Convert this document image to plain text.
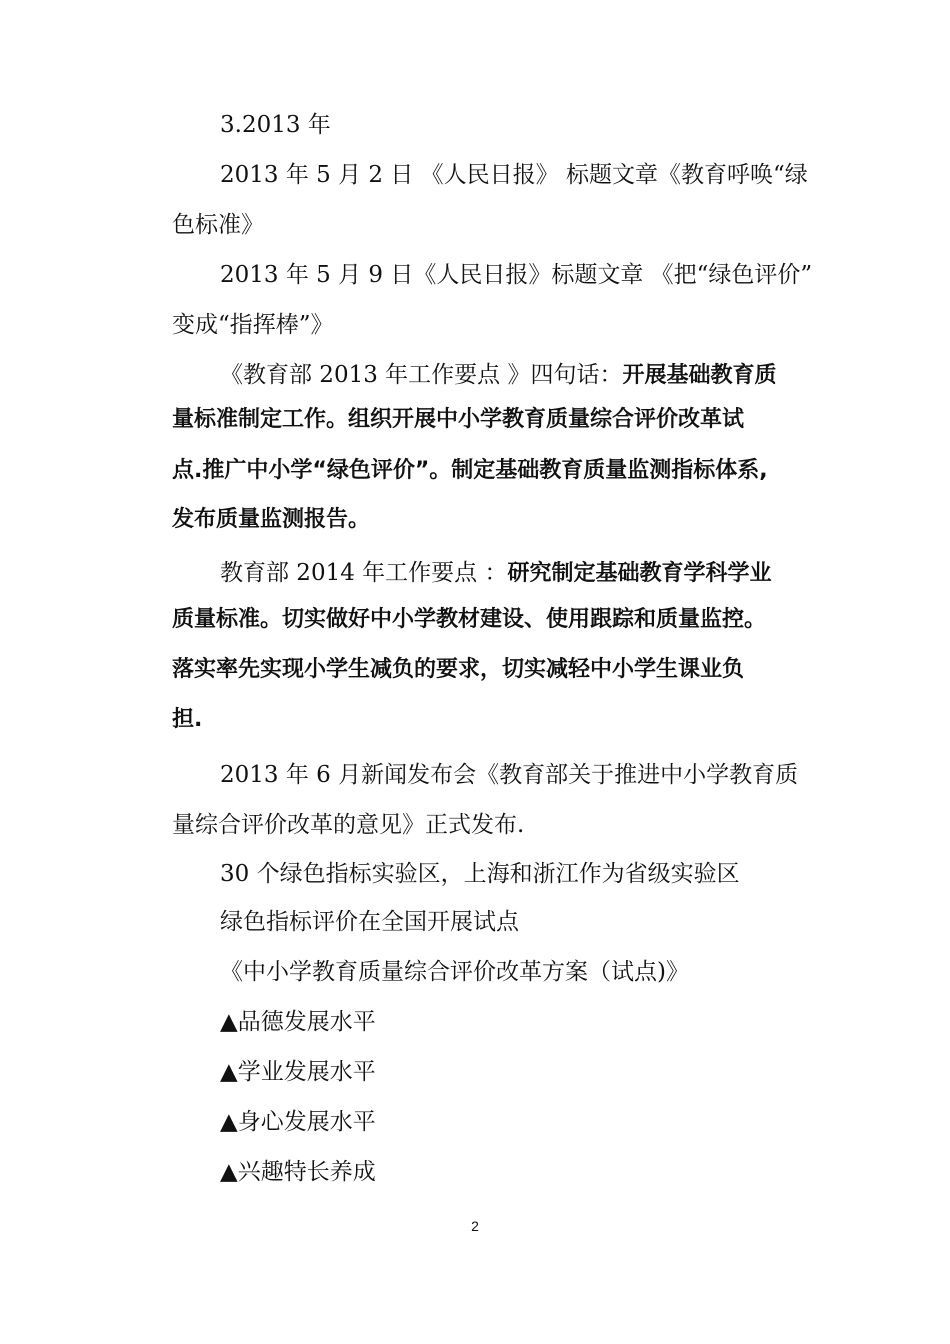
3.2013 年
2013 年 5 月 2 日 《人民日报》 标题文章《教育呼唤“绿
色标准》
2013 年 5 月 9 日《人民日报》标题文章 《把“绿色评价”
变成“指挥棒”》
《教育部 2013 年工作要点 》四句话：开展基础教育质
量标准制定工作。组织开展中小学教育质量综合评价改革试
点.推广中小学“绿色评价”。制定基础教育质量监测指标体系,
发布质量监测报告。
教育部 2014 年工作要点 ：研究制定基础教育学科学业
质量标准。切实做好中小学教材建设、使用跟踪和质量监控。
落实率先实现小学生减负的要求，切实减轻中小学生课业负
担.
2013 年 6 月新闻发布会《教育部关于推进中小学教育质
量综合评价改革的意见》正式发布.
30 个绿色指标实验区，上海和浙江作为省级实验区
绿色指标评价在全国开展试点
《中小学教育质量综合评价改革方案（试点)》
▲品德发展水平
▲学业发展水平
▲身心发展水平
▲兴趣特长养成
2
